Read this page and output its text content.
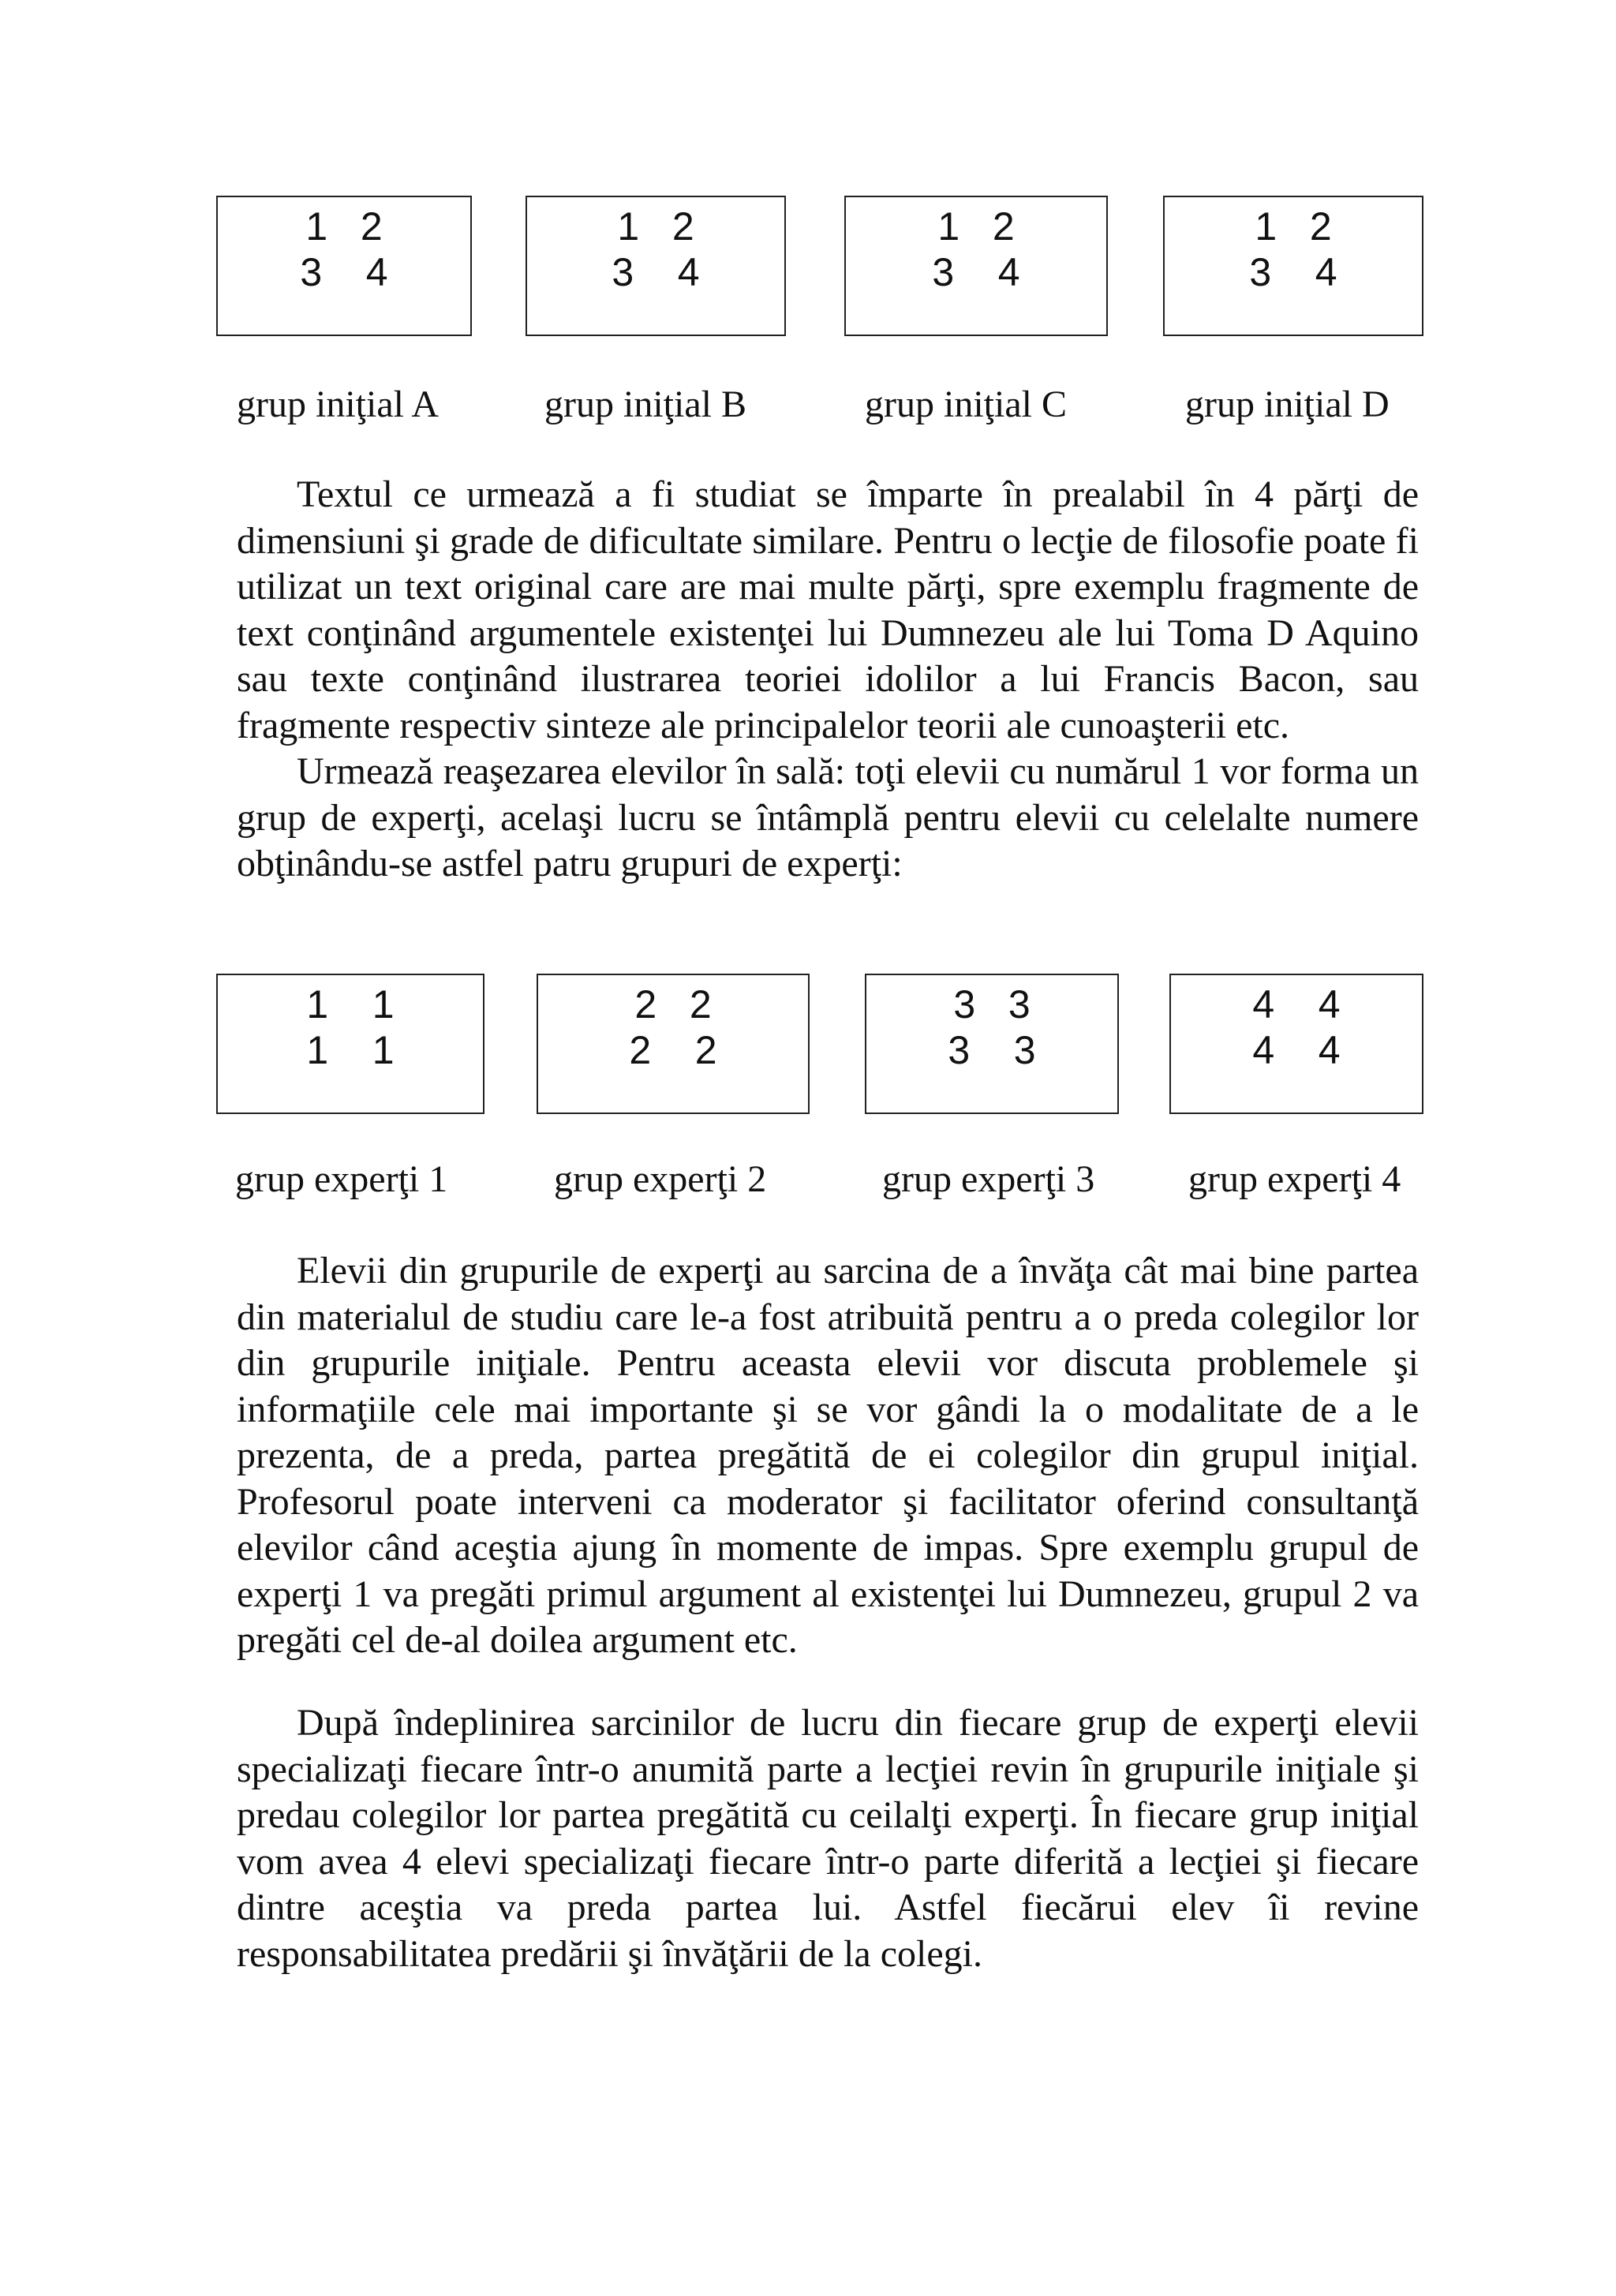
1   2
3    4
1   2
3    4
1   2
3    4
1   2
3    4
grup iniţial A	grup iniţial B	grup iniţial C	grup iniţial D

Textul ce urmează a fi studiat se împarte în prealabil în 4 părţi de dimensiuni şi grade de dificultate similare. Pentru o lecţie de filosofie poate fi utilizat un text original care are mai multe părţi, spre exemplu fragmente de text conţinând argumentele existenţei lui Dumnezeu ale lui Toma D Aquino sau texte conţinând ilustrarea teoriei idolilor a lui Francis Bacon, sau fragmente respectiv sinteze ale principalelor teorii ale cunoaşterii etc.

Urmează reaşezarea elevilor în sală: toţi elevii cu numărul 1 vor forma un grup de experţi, acelaşi lucru se întâmplă pentru elevii cu celelalte numere obţinându-se astfel patru grupuri de experţi:

1    1
1    1
2   2
2    2
3   3
3    3
4    4
4    4
grup experţi 1	grup experţi 2	grup experţi 3 grup experţi 4

Elevii din grupurile de experţi au sarcina de a învăţa cât mai bine partea din materialul de studiu care le-a fost atribuită pentru a o preda colegilor lor din grupurile iniţiale. Pentru aceasta elevii vor discuta problemele şi informaţiile cele mai importante şi se vor gândi la o modalitate de a le prezenta, de a preda, partea pregătită de ei colegilor din grupul iniţial. Profesorul poate interveni ca moderator şi facilitator oferind consultanţă elevilor când aceştia ajung în momente de impas. Spre exemplu grupul de experţi 1 va pregăti primul argument al existenţei lui Dumnezeu, grupul 2 va pregăti cel de-al doilea argument etc.

După îndeplinirea sarcinilor de lucru din fiecare grup de experţi elevii specializaţi fiecare într-o anumită parte a lecţiei revin în grupurile iniţiale şi predau colegilor lor partea pregătită cu ceilalţi experţi. În fiecare grup iniţial vom avea 4 elevi specializaţi fiecare într-o parte diferită a lecţiei şi fiecare dintre aceştia va preda partea lui. Astfel fiecărui elev îi revine responsabilitatea predării şi învăţării de la colegi.
